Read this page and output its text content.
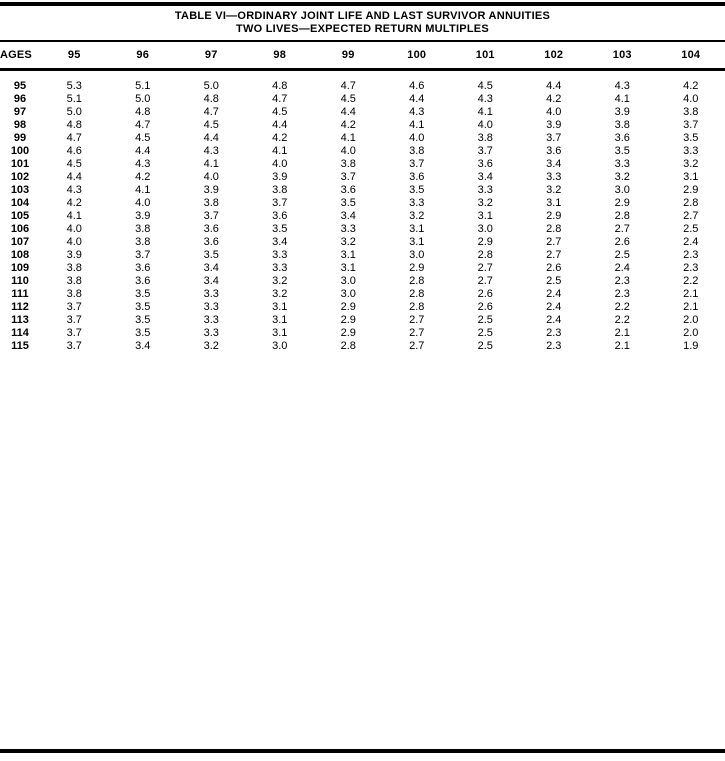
TABLE VI—ORDINARY JOINT LIFE AND LAST SURVIVOR ANNUITIES
TWO LIVES—EXPECTED RETURN MULTIPLES
AGES	95	96	97	98	99	100	101	102	103	104
95	5.3	5.1	5.0	4.8	4.7	4.6	4.5	4.4	4.3	4.2
96	5.1	5.0	4.8	4.7	4.5	4.4	4.3	4.2	4.1	4.0
97	5.0	4.8	4.7	4.5	4.4	4.3	4.1	4.0	3.9	3.8
98	4.8	4.7	4.5	4.4	4.2	4.1	4.0	3.9	3.8	3.7
99	4.7	4.5	4.4	4.2	4.1	4.0	3.8	3.7	3.6	3.5
100	4.6	4.4	4.3	4.1	4.0	3.8	3.7	3.6	3.5	3.3
101	4.5	4.3	4.1	4.0	3.8	3.7	3.6	3.4	3.3	3.2
102	4.4	4.2	4.0	3.9	3.7	3.6	3.4	3.3	3.2	3.1
103	4.3	4.1	3.9	3.8	3.6	3.5	3.3	3.2	3.0	2.9
104	4.2	4.0	3.8	3.7	3.5	3.3	3.2	3.1	2.9	2.8
105	4.1	3.9	3.7	3.6	3.4	3.2	3.1	2.9	2.8	2.7
106	4.0	3.8	3.6	3.5	3.3	3.1	3.0	2.8	2.7	2.5
107	4.0	3.8	3.6	3.4	3.2	3.1	2.9	2.7	2.6	2.4
108	3.9	3.7	3.5	3.3	3.1	3.0	2.8	2.7	2.5	2.3
109	3.8	3.6	3.4	3.3	3.1	2.9	2.7	2.6	2.4	2.3
110	3.8	3.6	3.4	3.2	3.0	2.8	2.7	2.5	2.3	2.2
111	3.8	3.5	3.3	3.2	3.0	2.8	2.6	2.4	2.3	2.1
112	3.7	3.5	3.3	3.1	2.9	2.8	2.6	2.4	2.2	2.1
113	3.7	3.5	3.3	3.1	2.9	2.7	2.5	2.4	2.2	2.0
114	3.7	3.5	3.3	3.1	2.9	2.7	2.5	2.3	2.1	2.0
115	3.7	3.4	3.2	3.0	2.8	2.7	2.5	2.3	2.1	1.9
